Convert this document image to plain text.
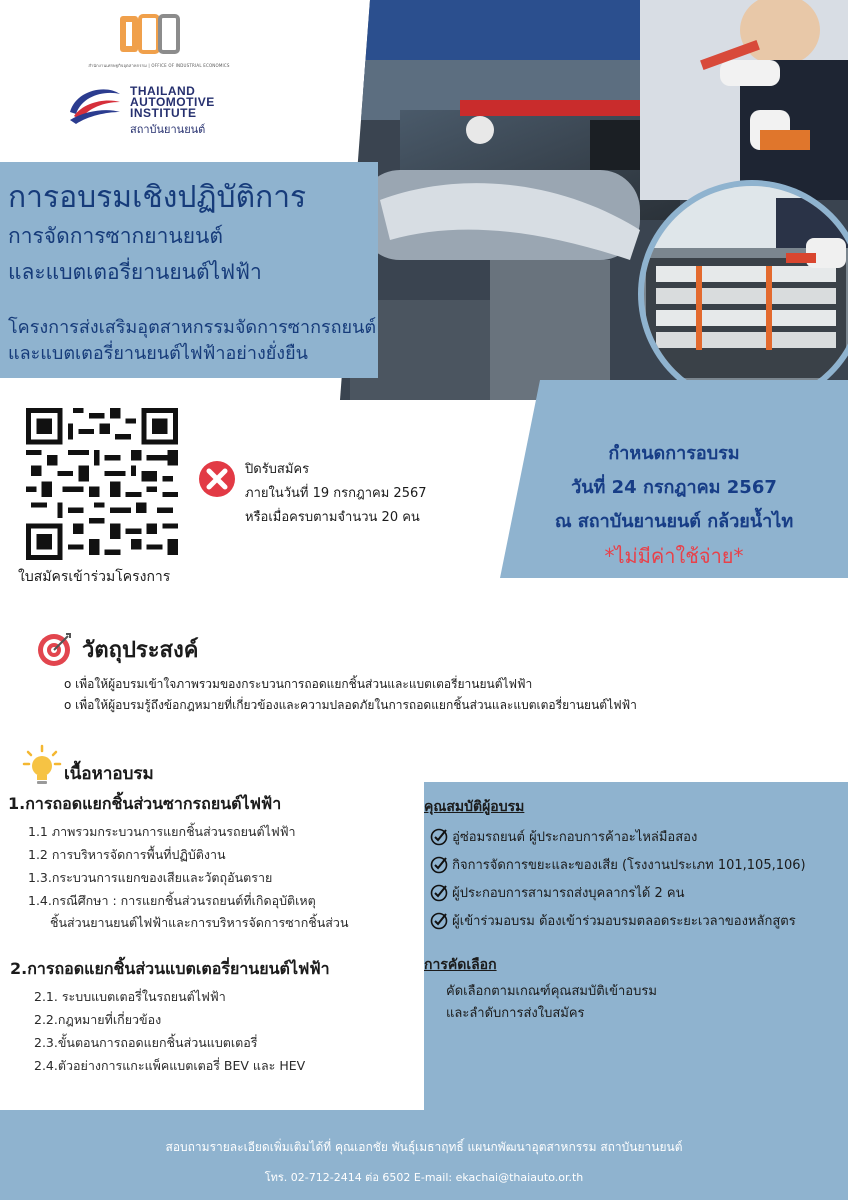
สำนักงานเศรษฐกิจอุตสาหกรรม | OFFICE OF INDUSTRIAL ECONOMICS
THAILAND
AUTOMOTIVE
INSTITUTE
สถาบันยานยนต์
การอบรมเชิงปฏิบัติการ
การจัดการซากยานยนต์
และแบตเตอรี่ยานยนต์ไฟฟ้า
โครงการส่งเสริมอุตสาหกรรมจัดการซากรถยนต์
และแบตเตอรี่ยานยนต์ไฟฟ้าอย่างยั่งยืน
กำหนดการอบรม
วันที่ 24 กรกฎาคม 2567
ณ สถาบันยานยนต์ กล้วยน้ำไท
*ไม่มีค่าใช้จ่าย*
ใบสมัครเข้าร่วมโครงการ
ปิดรับสมัคร
ภายในวันที่ 19 กรกฎาคม 2567
หรือเมื่อครบตามจำนวน 20 คน
วัตถุประสงค์
o เพื่อให้ผู้อบรมเข้าใจภาพรวมของกระบวนการถอดแยกชิ้นส่วนและแบตเตอรี่ยานยนต์ไฟฟ้า
o เพื่อให้ผู้อบรมรู้ถึงข้อกฎหมายที่เกี่ยวข้องและความปลอดภัยในการถอดแยกชิ้นส่วนและแบตเตอรี่ยานยนต์ไฟฟ้า
เนื้อหาอบรม
1.การถอดแยกชิ้นส่วนซากรถยนต์ไฟฟ้า
1.1 ภาพรวมกระบวนการแยกชิ้นส่วนรถยนต์ไฟฟ้า
1.2 การบริหารจัดการพื้นที่ปฏิบัติงาน
1.3.กระบวนการแยกของเสียและวัตถุอันตราย
1.4.กรณีศึกษา : การแยกชิ้นส่วนรถยนต์ที่เกิดอุบัติเหตุ
ชิ้นส่วนยานยนต์ไฟฟ้าและการบริหารจัดการซากชิ้นส่วน
2.การถอดแยกชิ้นส่วนแบตเตอรี่ยานยนต์ไฟฟ้า
2.1. ระบบแบตเตอรี่ในรถยนต์ไฟฟ้า
2.2.กฎหมายที่เกี่ยวข้อง
2.3.ขั้นตอนการถอดแยกชิ้นส่วนแบตเตอรี่
2.4.ตัวอย่างการแกะแพ็คแบตเตอรี่ BEV และ HEV
คุณสมบัติผู้อบรม
อู่ซ่อมรถยนต์ ผู้ประกอบการค้าอะไหล่มือสอง
กิจการจัดการขยะและของเสีย (โรงงานประเภท 101,105,106)
ผู้ประกอบการสามารถส่งบุคลากรได้ 2 คน
ผู้เข้าร่วมอบรม ต้องเข้าร่วมอบรมตลอดระยะเวลาของหลักสูตร
การคัดเลือก
คัดเลือกตามเกณฑ์คุณสมบัติเข้าอบรม
และลำดับการส่งใบสมัคร
สอบถามรายละเอียดเพิ่มเติมได้ที่ คุณเอกชัย พันธุ์เมธาฤทธิ์ แผนกพัฒนาอุตสาหกรรม สถาบันยานยนต์
โทร. 02-712-2414 ต่อ 6502 E-mail: ekachai@thaiauto.or.th
